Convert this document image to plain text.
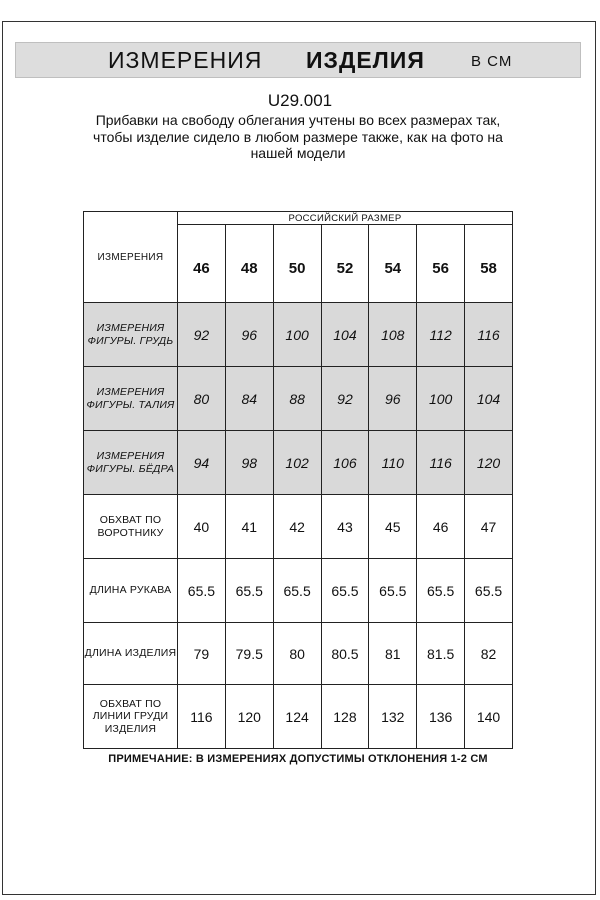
ИЗМЕРЕНИЯ ИЗДЕЛИЯ	В СМ
U29.001
Прибавки на свободу облегания учтены во всех размерах так,
чтобы изделие сидело в любом размере также, как на фото на
нашей модели
ИЗМЕРЕНИЯ	РОССИЙСКИЙ РАЗМЕР						
	46	48	50	52	54	56	58

ИЗМЕРЕНИЯ
ФИГУРЫ. ГРУДЬ	92	96	100	104	108	112	116

ИЗМЕРЕНИЯ
ФИГУРЫ. ТАЛИЯ	80	84	88	92	96	100	104

ИЗМЕРЕНИЯ
ФИГУРЫ. БЁДРА	94	98	102	106	110	116	120

ОБХВАТ ПО
ВОРОТНИКУ	40	41	42	43	45	46	47

ДЛИНА РУКАВА	65.5	65.5	65.5	65.5	65.5	65.5	65.5

ДЛИНА ИЗДЕЛИЯ	79	79.5	80	80.5	81	81.5	82

ОБХВАТ ПО
ЛИНИИ ГРУДИ
ИЗДЕЛИЯ	116	120	124	128	132	136	140
ПРИМЕЧАНИЕ: В ИЗМЕРЕНИЯХ ДОПУСТИМЫ ОТКЛОНЕНИЯ 1-2 СМ
